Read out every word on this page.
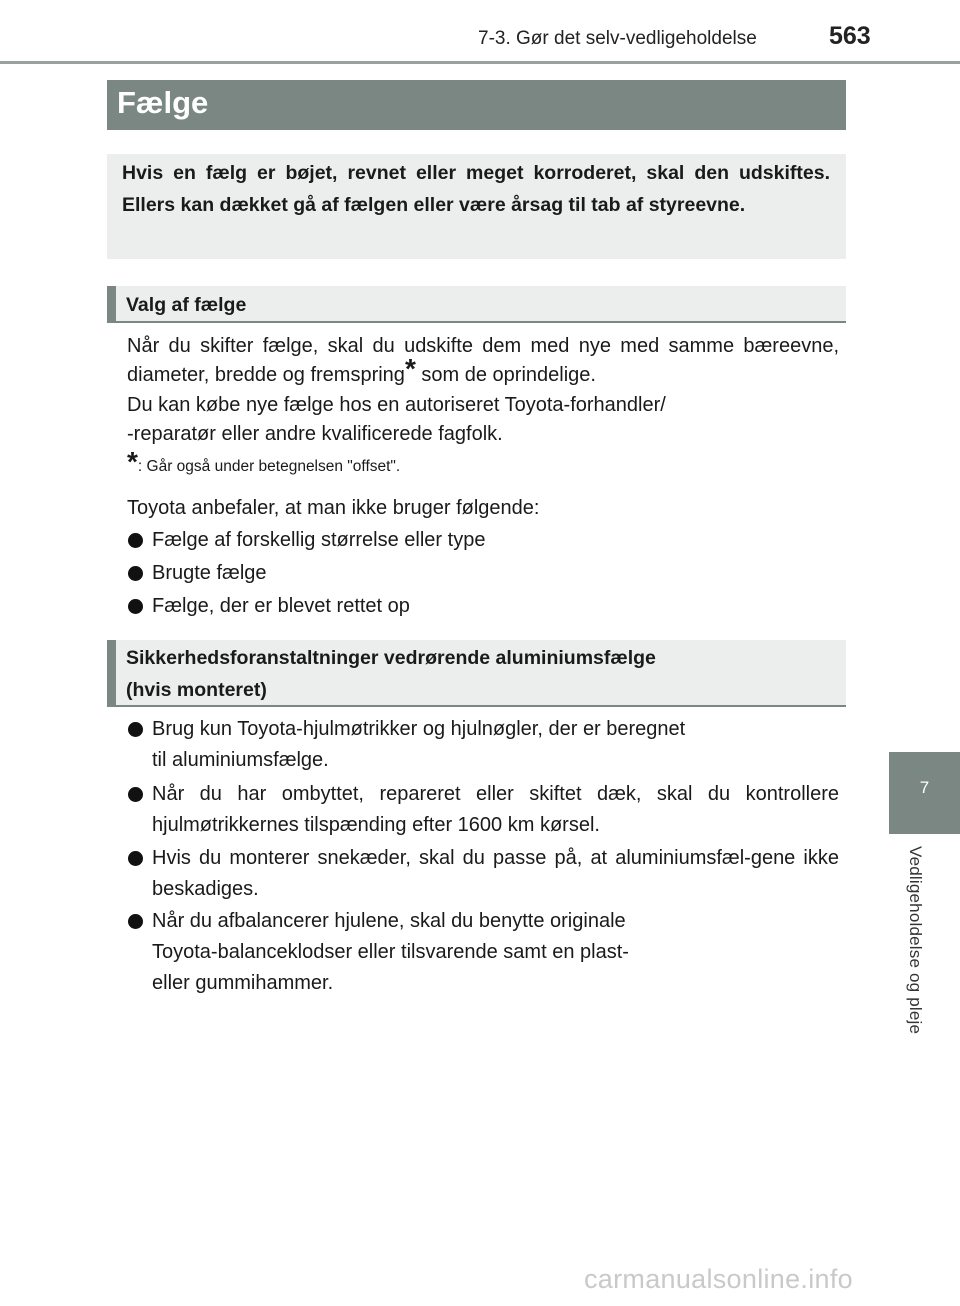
7-3. Gør det selv-vedligeholdelse	563
7
Vedligeholdelse og pleje
Fælge
Hvis en fælg er bøjet, revnet eller meget korroderet, skal den udskiftes. Ellers kan dækket gå af fælgen eller være årsag til tab af styreevne.
Valg af fælge
Når du skifter fælge, skal du udskifte dem med nye med samme bæreevne, diameter, bredde og fremspring* som de oprindelige.
Du kan købe nye fælge hos en autoriseret Toyota-forhandler/
-reparatør eller andre kvalificerede fagfolk.
*: Går også under betegnelsen "offset".
Toyota anbefaler, at man ikke bruger følgende:
Fælge af forskellig størrelse eller type
Brugte fælge
Fælge, der er blevet rettet op
Sikkerhedsforanstaltninger vedrørende aluminiumsfælge
(hvis monteret)
Brug kun Toyota-hjulmøtrikker og hjulnøgler, der er beregnet
til aluminiumsfælge.
Når du har ombyttet, repareret eller skiftet dæk, skal du kontrollere hjulmøtrikkernes tilspænding efter 1600 km kørsel.
Hvis du monterer snekæder, skal du passe på, at aluminiumsfæl-gene ikke beskadiges.
Når du afbalancerer hjulene, skal du benytte originale
Toyota-balanceklodser eller tilsvarende samt en plast-
eller gummihammer.
carmanualsonline.info
